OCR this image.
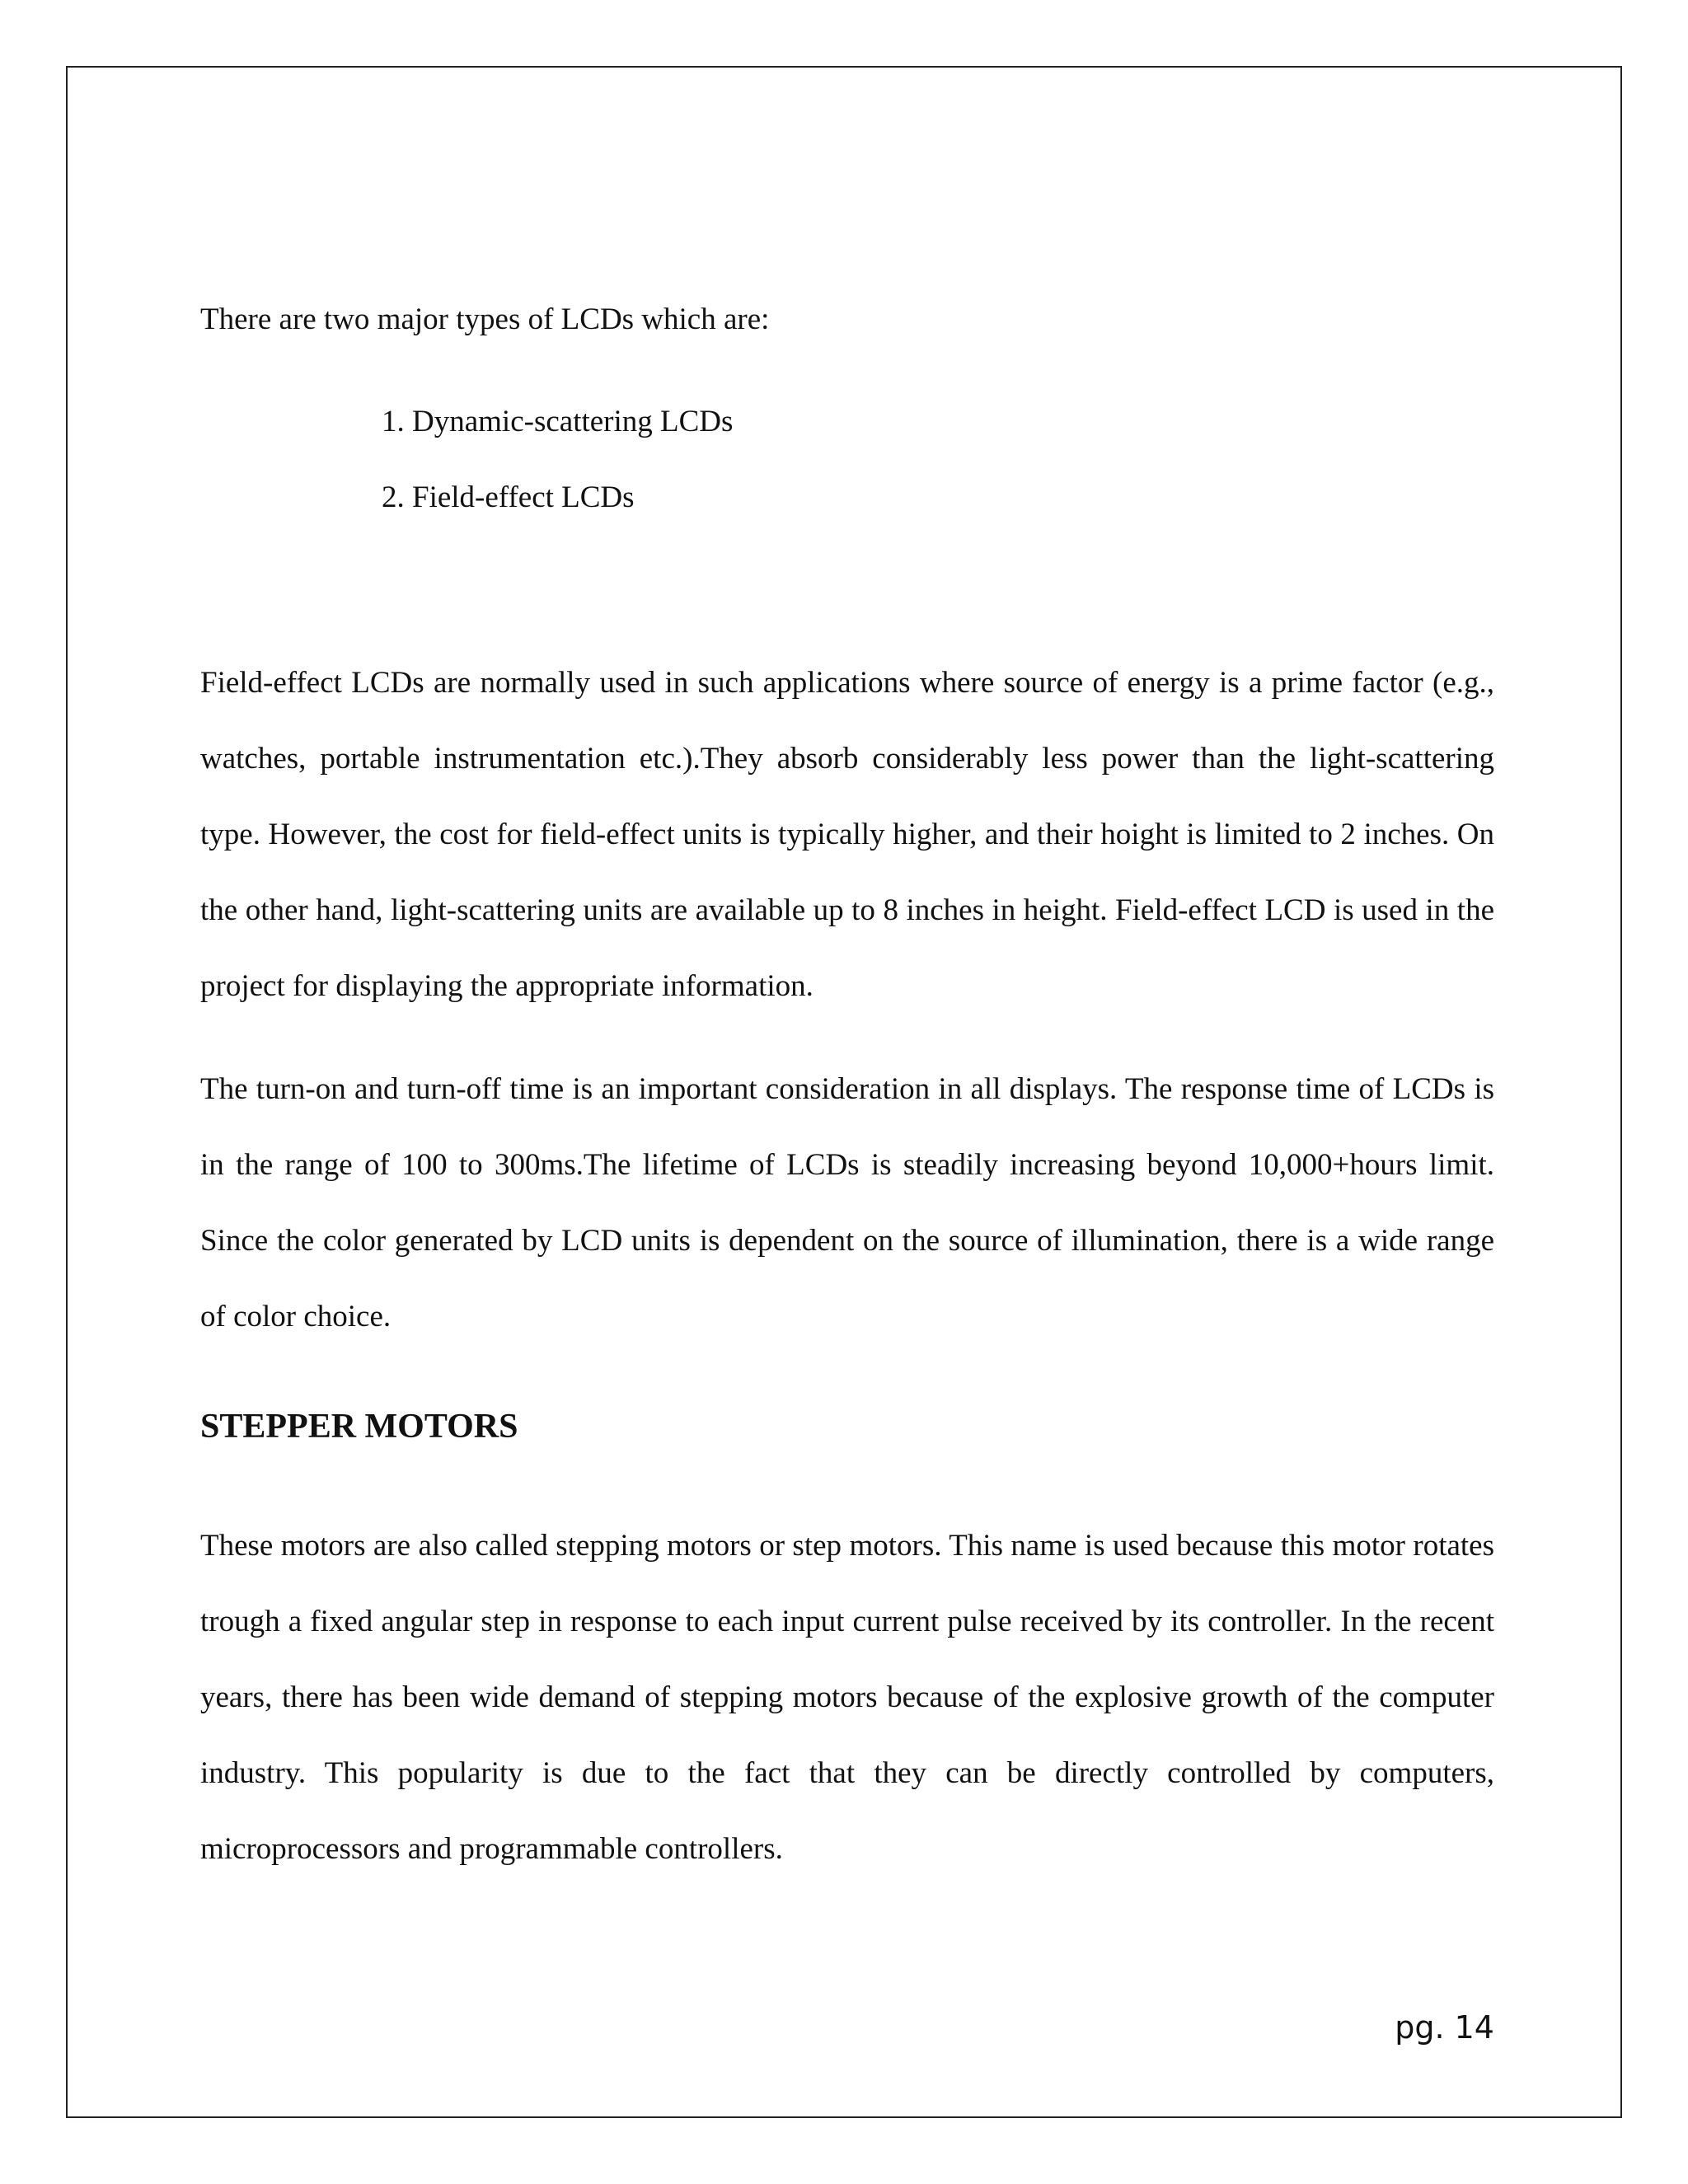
There are two major types of LCDs which are:
1. Dynamic-scattering LCDs
2. Field-effect LCDs

Field-effect LCDs are normally used in such applications where source of energy is a prime factor (e.g., watches, portable instrumentation etc.).They absorb considerably less power than the light-scattering type. However, the cost for field-effect units is typically higher, and their hoight is limited to 2 inches. On the other hand, light-scattering units are available up to 8 inches in height. Field-effect LCD is used in the project for displaying the appropriate information.

The turn-on and turn-off time is an important consideration in all displays. The response time of LCDs is in the range of 100 to 300ms.The lifetime of LCDs is steadily increasing beyond 10,000+hours limit. Since the color generated by LCD units is dependent on the source of illumination, there is a wide range of color choice.

STEPPER MOTORS

These motors are also called stepping motors or step motors. This name is used because this motor rotates trough a fixed angular step in response to each input current pulse received by its controller. In the recent years, there has been wide demand of stepping motors because of the explosive growth of the computer industry. This popularity is due to the fact that they can be directly controlled by computers, microprocessors and programmable controllers.

pg. 14
